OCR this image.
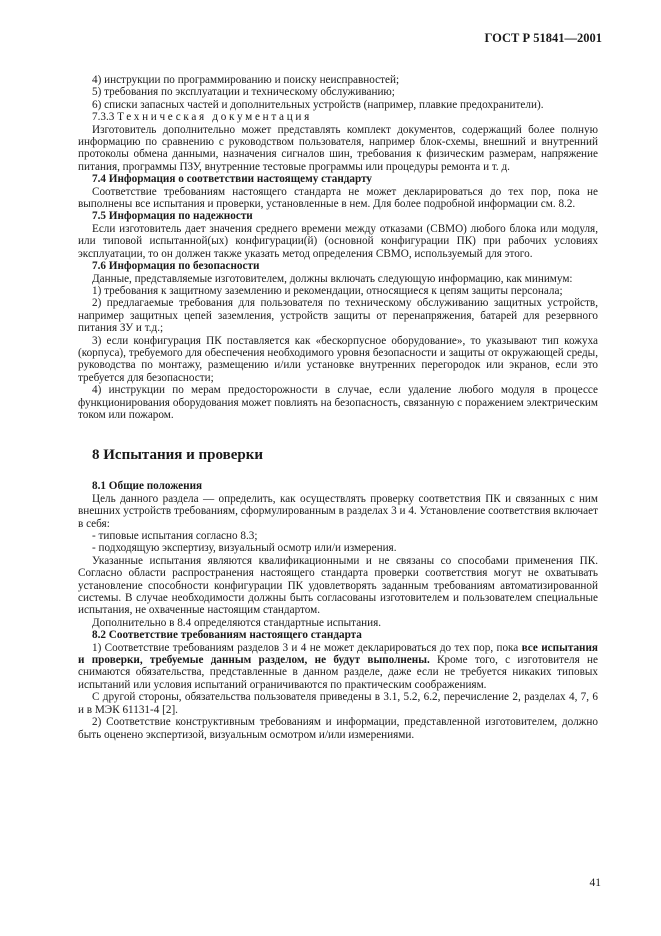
ГОСТ Р 51841—2001

4) инструкции по программированию и поиску неисправностей;

5) требования по эксплуатации и техническому обслуживанию;

6) списки запасных частей и дополнительных устройств (например, плавкие предохранители).

7.3.3 Техническая документация

Изготовитель дополнительно может представлять комплект документов, содержащий более полную информацию по сравнению с руководством пользователя, например блок-схемы, внешний и внутренний протоколы обмена данными, назначения сигналов шин, требования к физическим размерам, напряжение питания, программы ПЗУ, внутренние тестовые программы или процедуры ремонта и т. д.

7.4 Информация о соответствии настоящему стандарту

Соответствие требованиям настоящего стандарта не может декларироваться до тех пор, пока не выполнены все испытания и проверки, установленные в нем. Для более подробной информации см. 8.2.

7.5 Информация по надежности

Если изготовитель дает значения среднего времени между отказами (СВМО) любого блока или модуля, или типовой испытанной(ых) конфигурации(й) (основной конфигурации ПК) при рабочих условиях эксплуатации, то он должен также указать метод определения СВМО, используемый для этого.

7.6 Информация по безопасности

Данные, представляемые изготовителем, должны включать следующую информацию, как минимум:

1) требования к защитному заземлению и рекомендации, относящиеся к цепям защиты персонала;

2) предлагаемые требования для пользователя по техническому обслуживанию защитных устройств, например защитных цепей заземления, устройств защиты от перенапряжения, батарей для резервного питания ЗУ и т.д.;

3) если конфигурация ПК поставляется как «бескорпусное оборудование», то указывают тип кожуха (корпуса), требуемого для обеспечения необходимого уровня безопасности и защиты от окружающей среды, руководства по монтажу, размещению и/или установке внутренних перегородок или экранов, если это требуется для безопасности;

4) инструкции по мерам предосторожности в случае, если удаление любого модуля в процессе функционирования оборудования может повлиять на безопасность, связанную с поражением электрическим током или пожаром.

8 Испытания и проверки

8.1 Общие положения

Цель данного раздела — определить, как осуществлять проверку соответствия ПК и связанных с ним внешних устройств требованиям, сформулированным в разделах 3 и 4. Установление соответствия включает в себя:

- типовые испытания согласно 8.3;

- подходящую экспертизу, визуальный осмотр или/и измерения.

Указанные испытания являются квалификационными и не связаны со способами применения ПК. Согласно области распространения настоящего стандарта проверки соответствия могут не охватывать установление способности конфигурации ПК удовлетворять заданным требованиям автоматизированной системы. В случае необходимости должны быть согласованы изготовителем и пользователем специальные испытания, не охваченные настоящим стандартом.

Дополнительно в 8.4 определяются стандартные испытания.

8.2 Соответствие требованиям настоящего стандарта

1) Соответствие требованиям разделов 3 и 4 не может декларироваться до тех пор, пока все испытания и проверки, требуемые данным разделом, не будут выполнены. Кроме того, с изготовителя не снимаются обязательства, представленные в данном разделе, даже если не требуется никаких типовых испытаний или условия испытаний ограничиваются по практическим соображениям.

С другой стороны, обязательства пользователя приведены в 3.1, 5.2, 6.2, перечисление 2, разделах 4, 7, 6 и в МЭК 61131-4 [2].

2) Соответствие конструктивным требованиям и информации, представленной изготовителем, должно быть оценено экспертизой, визуальным осмотром и/или измерениями.

41
